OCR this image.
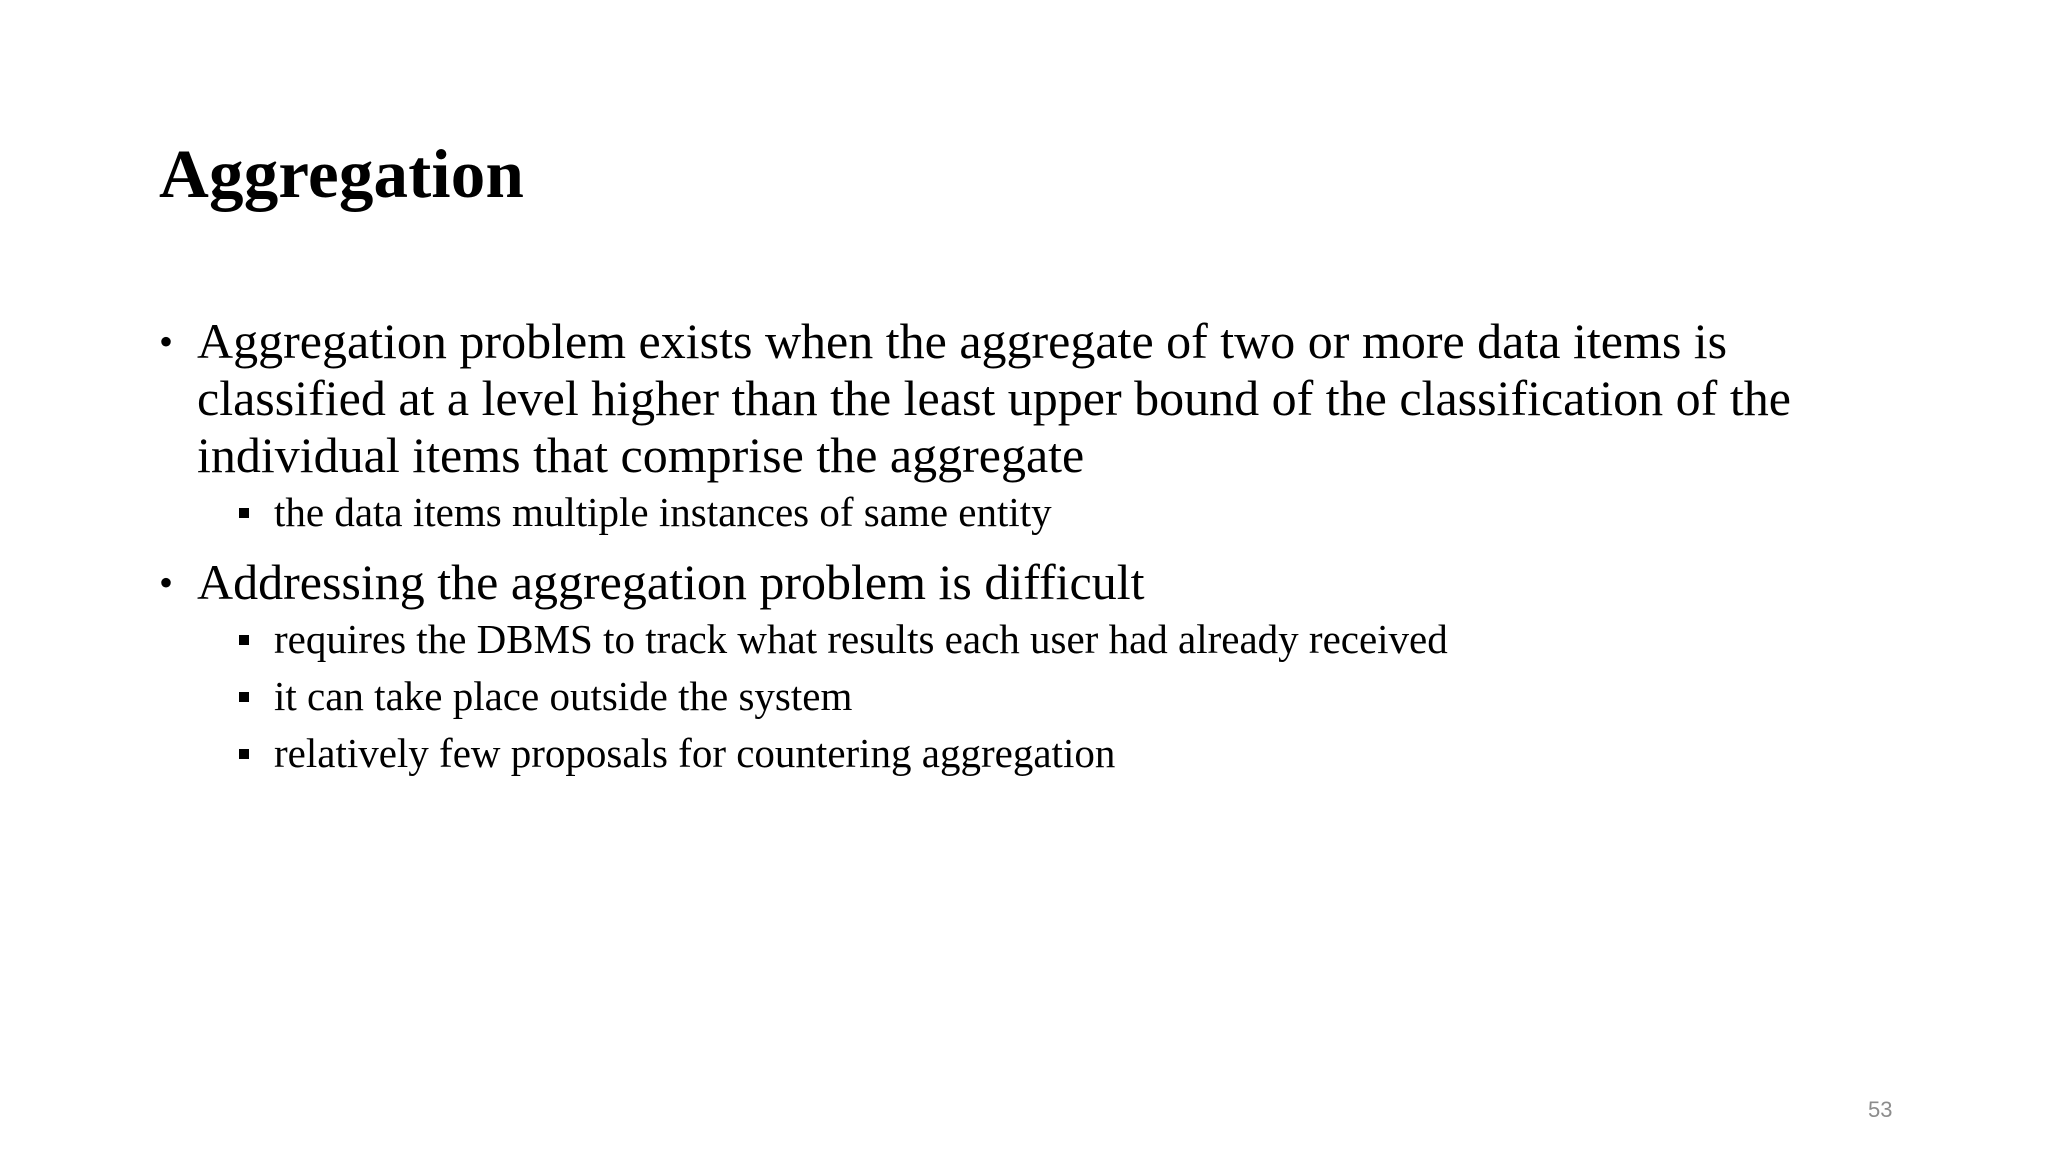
Aggregation

• Aggregation problem exists when the aggregate of two or more data items is classified at a level higher than the least upper bound of the classification of the individual items that comprise the aggregate

the data items multiple instances of same entity

• Addressing the aggregation problem is difficult

requires the DBMS to track what results each user had already received

it can take place outside the system

relatively few proposals for countering aggregation

53
